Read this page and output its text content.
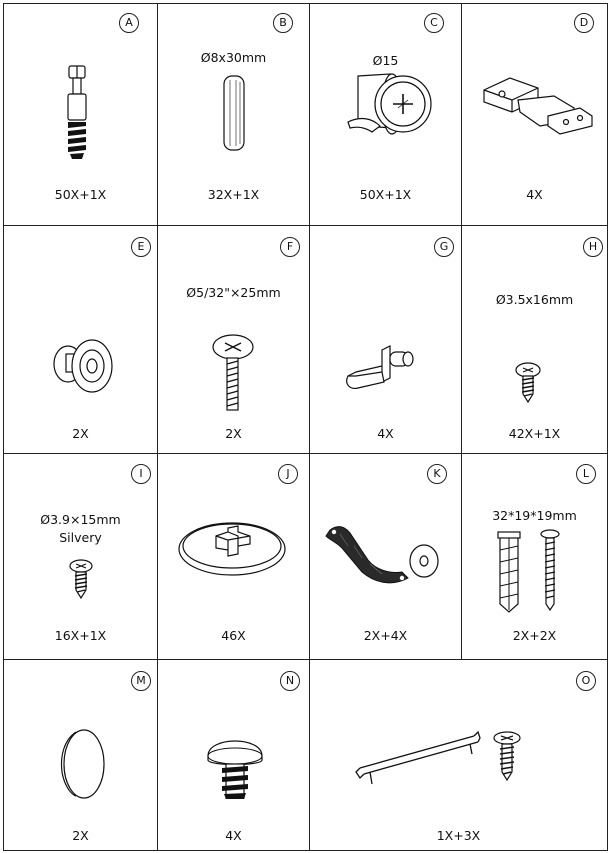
A
50X+1X
B
Ø8x30mm
32X+1X
C
Ø15
50X+1X
D
4X
E
2X
F
Ø5/32"×25mm
2X
G
4X
H
Ø3.5x16mm
42X+1X
I
Ø3.9×15mm
Silvery
16X+1X
J
46X
K
2X+4X
L
32*19*19mm
2X+2X
M
2X
N
4X
O
1X+3X
